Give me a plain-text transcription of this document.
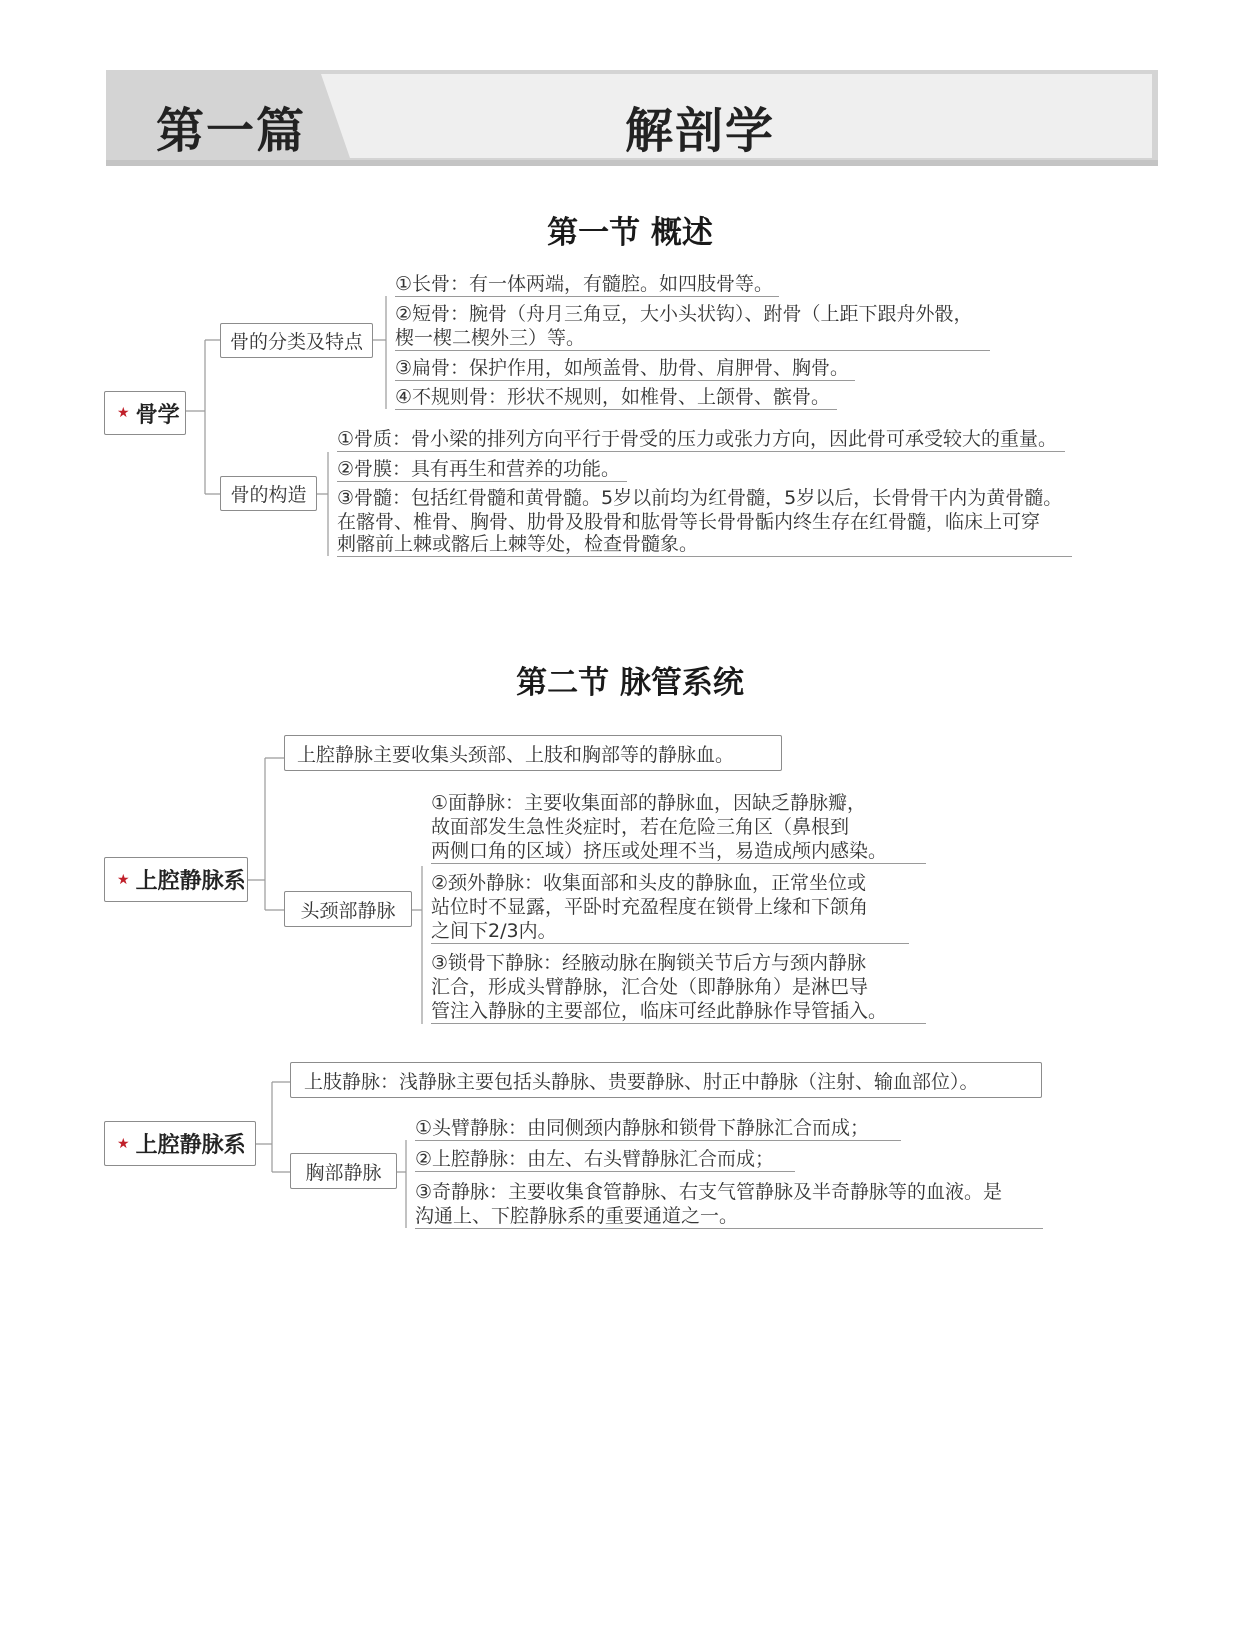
第一篇	解剖学
第一节 概述
★ 骨学
骨的分类及特点
骨的构造
①长骨：有一体两端，有髓腔。如四肢骨等。
②短骨：腕骨（舟月三角豆，大小头状钩）、跗骨（上距下跟舟外骰，
楔一楔二楔外三）等。
③扁骨：保护作用，如颅盖骨、肋骨、肩胛骨、胸骨。
④不规则骨：形状不规则，如椎骨、上颌骨、髌骨。
①骨质：骨小梁的排列方向平行于骨受的压力或张力方向，因此骨可承受较大的重量。
②骨膜：具有再生和营养的功能。
③骨髓：包括红骨髓和黄骨髓。5岁以前均为红骨髓，5岁以后，长骨骨干内为黄骨髓。
在髂骨、椎骨、胸骨、肋骨及股骨和肱骨等长骨骨骺内终生存在红骨髓，临床上可穿
刺髂前上棘或髂后上棘等处，检查骨髓象。
第二节 脉管系统
★ 上腔静脉系
上腔静脉主要收集头颈部、上肢和胸部等的静脉血。
头颈部静脉
①面静脉：主要收集面部的静脉血，因缺乏静脉瓣，
故面部发生急性炎症时，若在危险三角区（鼻根到
两侧口角的区域）挤压或处理不当，易造成颅内感染。
②颈外静脉：收集面部和头皮的静脉血，正常坐位或
站位时不显露，平卧时充盈程度在锁骨上缘和下颌角
之间下2/3内。
③锁骨下静脉：经腋动脉在胸锁关节后方与颈内静脉
汇合，形成头臂静脉，汇合处（即静脉角）是淋巴导
管注入静脉的主要部位，临床可经此静脉作导管插入。
★ 上腔静脉系
上肢静脉：浅静脉主要包括头静脉、贵要静脉、肘正中静脉（注射、输血部位）。
胸部静脉
①头臂静脉：由同侧颈内静脉和锁骨下静脉汇合而成；
②上腔静脉：由左、右头臂静脉汇合而成；
③奇静脉：主要收集食管静脉、右支气管静脉及半奇静脉等的血液。是
沟通上、下腔静脉系的重要通道之一。
